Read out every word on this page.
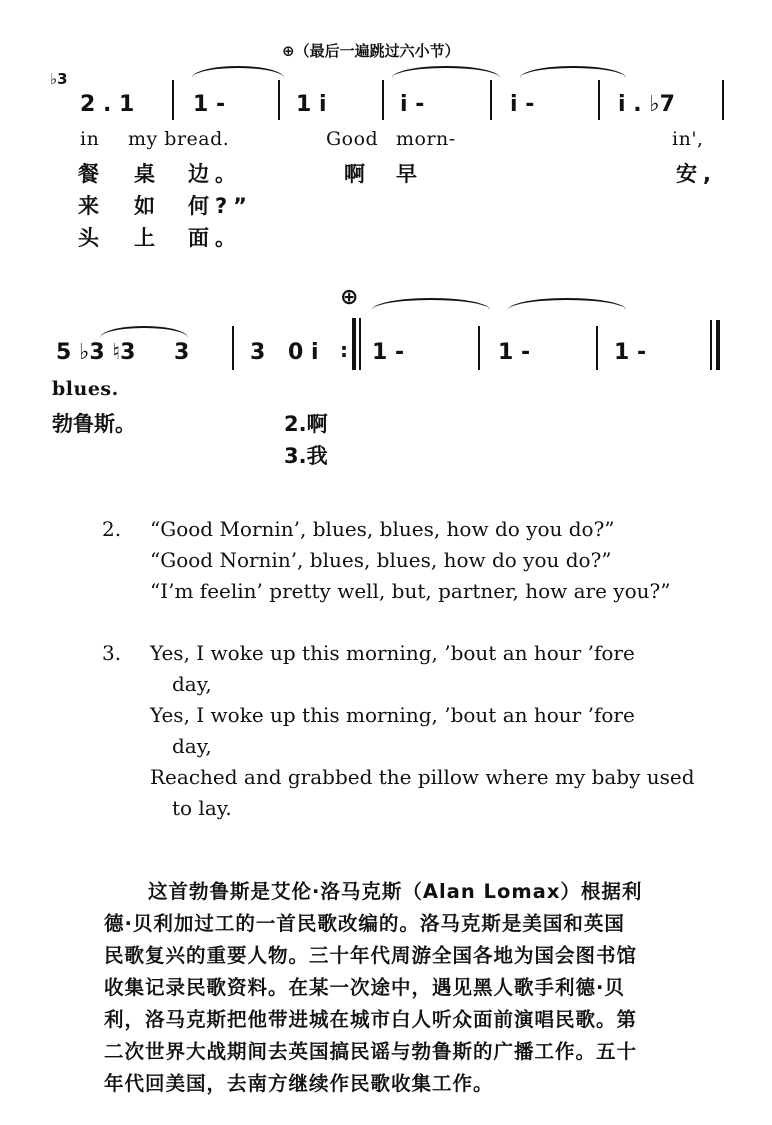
⊕（最后一遍跳过六小节）
♭3
2 . 1	1 -	1 i	i -	i -	i . ♭7
in my bread.	Good morn-	in',
餐 桌 边。	啊 早	安,
来 如 何?”
头 上 面。
⊕
5 ♭3 ♮3 3	3 0 i : 1 -	1 -	1 -
blues.
勃鲁斯。	2.啊
3.我
2. “Good Mornin’, blues, blues, how do you do?”
“Good Nornin’, blues, blues, how do you do?”
“I’m feelin’ pretty well, but, partner, how are you?”
3. Yes, I woke up this morning, ’bout an hour ’fore
day,
Yes, I woke up this morning, ’bout an hour ’fore
day,
Reached and grabbed the pillow where my baby used
to lay.
这首勃鲁斯是艾伦·洛马克斯（Alan Lomax）根据利
德·贝利加过工的一首民歌改编的。洛马克斯是美国和英国
民歌复兴的重要人物。三十年代周游全国各地为国会图书馆
收集记录民歌资料。在某一次途中，遇见黑人歌手利德·贝
利，洛马克斯把他带进城在城市白人听众面前演唱民歌。第
二次世界大战期间去英国搞民谣与勃鲁斯的广播工作。五十
年代回美国，去南方继续作民歌收集工作。
